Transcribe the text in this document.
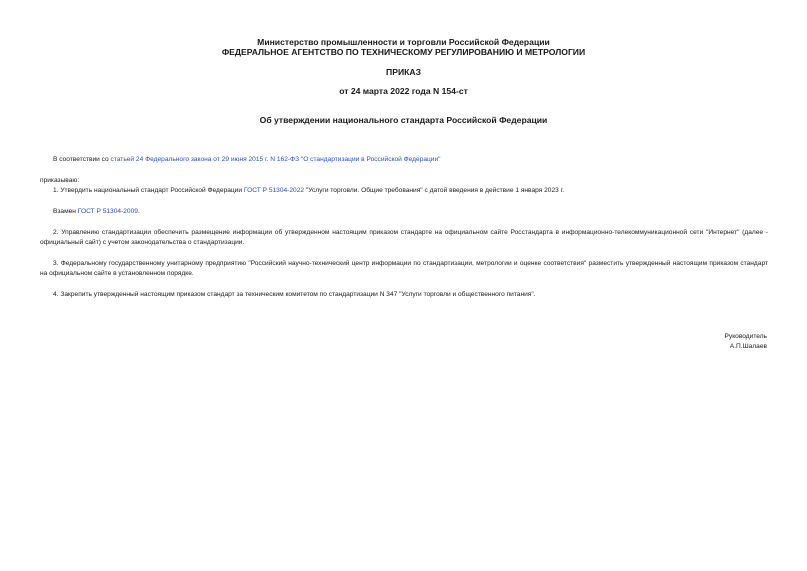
Министерство промышленности и торговли Российской Федерации
ФЕДЕРАЛЬНОЕ АГЕНТСТВО ПО ТЕХНИЧЕСКОМУ РЕГУЛИРОВАНИЮ И МЕТРОЛОГИИ
ПРИКАЗ
от 24 марта 2022 года N 154-ст
Об утверждении национального стандарта Российской Федерации
В соответствии со статьей 24 Федерального закона от 29 июня 2015 г. N 162-ФЗ "О стандартизации в Российской Федерации"
приказываю:
1. Утвердить национальный стандарт Российской Федерации ГОСТ Р 51304-2022 "Услуги торговли. Общие требования" с датой введения в действие 1 января 2023 г.
Взамен ГОСТ Р 51304-2009.
2. Управлению стандартизации обеспечить размещение информации об утвержденном настоящим приказом стандарте на официальном сайте Росстандарта в информационно-телекоммуникационной сети "Интернет" (далее - официальный сайт) с учетом законодательства о стандартизации.
3. Федеральному государственному унитарному предприятию "Российский научно-технический центр информации по стандартизации, метрологии и оценке соответствия" разместить утвержденный настоящим приказом стандарт на официальном сайте в установленном порядке.
4. Закрепить утвержденный настоящим приказом стандарт за техническим комитетом по стандартизации N 347 "Услуги торговли и общественного питания".
Руководитель
А.П.Шалаев
